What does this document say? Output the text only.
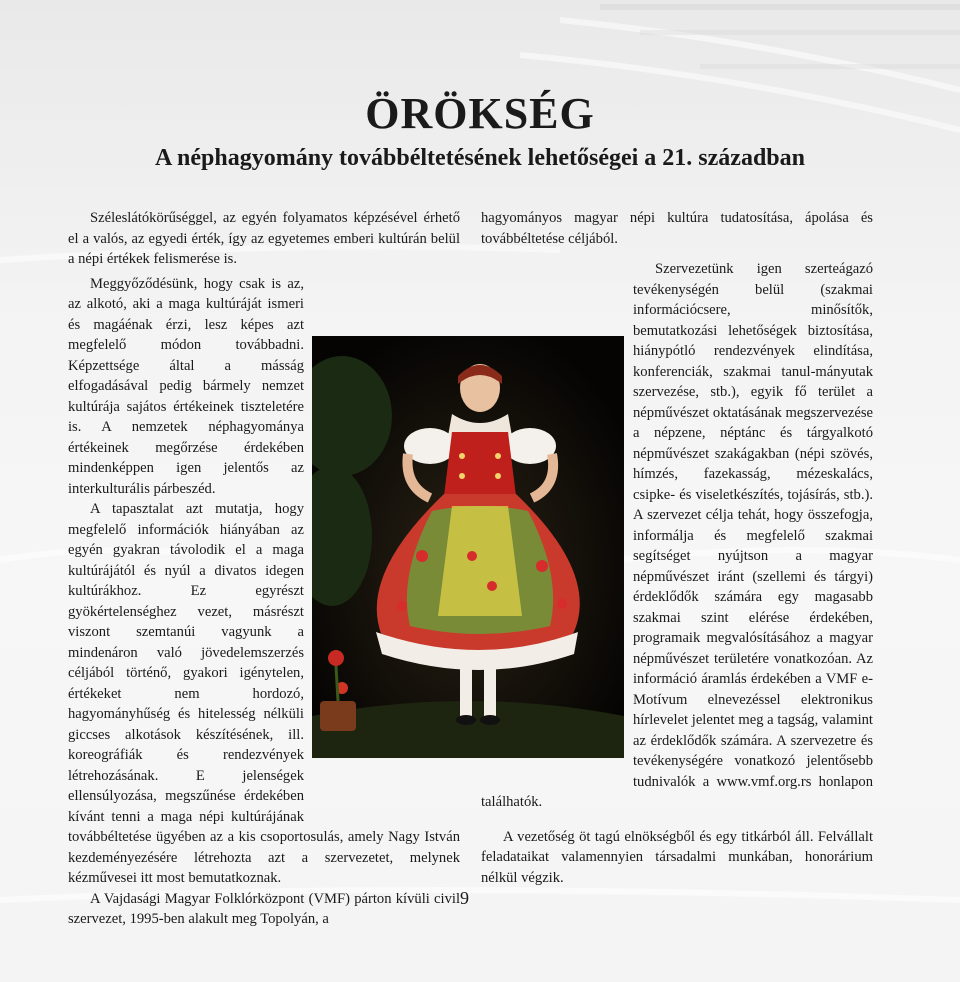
ÖRÖKSÉG
A néphagyomány továbbéltetésének lehetőségei a 21. században

Széleslátókörűséggel, az egyén folyamatos képzésével érhető el a valós, az egyedi érték, így az egyetemes emberi kultúrán belül a népi értékek felismerése is.

Meggyőződésünk, hogy csak is az, az alkotó, aki a maga kultúráját ismeri és magáénak érzi, lesz képes azt megfelelő módon továbbadni. Képzettsége által a másság elfogadásával pedig bármely nemzet kultúrája sajátos értékeinek tiszteletére is. A nemzetek néphagyománya értékeinek megőrzése érdekében mindenképpen igen jelentős az interkulturális párbeszéd.

A tapasztalat azt mutatja, hogy megfelelő információk hiányában az egyén gyakran távolodik el a maga kultúrájától és nyúl a divatos idegen kultúrákhoz. Ez egyrészt gyökértelenséghez vezet, másrészt viszont szemtanúi vagyunk a mindenáron való jövedelemszerzés céljából történő, gyakori igénytelen, értékeket nem hordozó, hagyományhűség és hitelesség nélküli giccses alkotások készítésének, ill. koreográfiák és rendezvények létrehozásának. E jelenségek ellensúlyozása, megszűnése érdekében kívánt tenni a maga népi kultúrájának továbbéltetése ügyében az a kis csoportosulás, amely Nagy István kezdeményezésére létrehozta azt a szervezetet, melynek kézművesei itt most bemutatkoznak.

A Vajdasági Magyar Folklórközpont (VMF) párton kívüli civil szervezet, 1995-ben alakult meg Topolyán, a

hagyományos magyar népi kultúra tudatosítása, ápolása és továbbéltetése céljából.

Szervezetünk igen szerteágazó tevékenységén belül (szakmai információcsere, minősítők, bemutatkozási lehetőségek biztosítása, hiánypótló rendezvények elindítása, konferenciák, szakmai tanul-mányutak szervezése, stb.), egyik fő terület a népművészet oktatásának megszervezése a népzene, néptánc és tárgyalkotó népművészet szakágakban (népi szövés, hímzés, fazekasság, mézeskalács, csipke- és viseletkészítés, tojásírás, stb.). A szervezet célja tehát, hogy összefogja, informálja és megfelelő szakmai segítséget nyújtson a magyar népművészet iránt (szellemi és tárgyi) érdeklődők számára egy magasabb szakmai szint elérése érdekében, programaik megvalósításához a magyar népművészet területére vonatkozóan. Az információ áramlás érdekében a VMF e-Motívum elnevezéssel elektronikus hírlevelet jelentet meg a tagság, valamint az érdeklődők számára. A szervezetre és tevékenységére vonatkozó jelentősebb tudnivalók a www.vmf.org.rs honlapon találhatók.

A vezetőség öt tagú elnökségből és egy titkárból áll. Felvállalt feladataikat valamennyien társadalmi munkában, honorárium nélkül végzik.

9
